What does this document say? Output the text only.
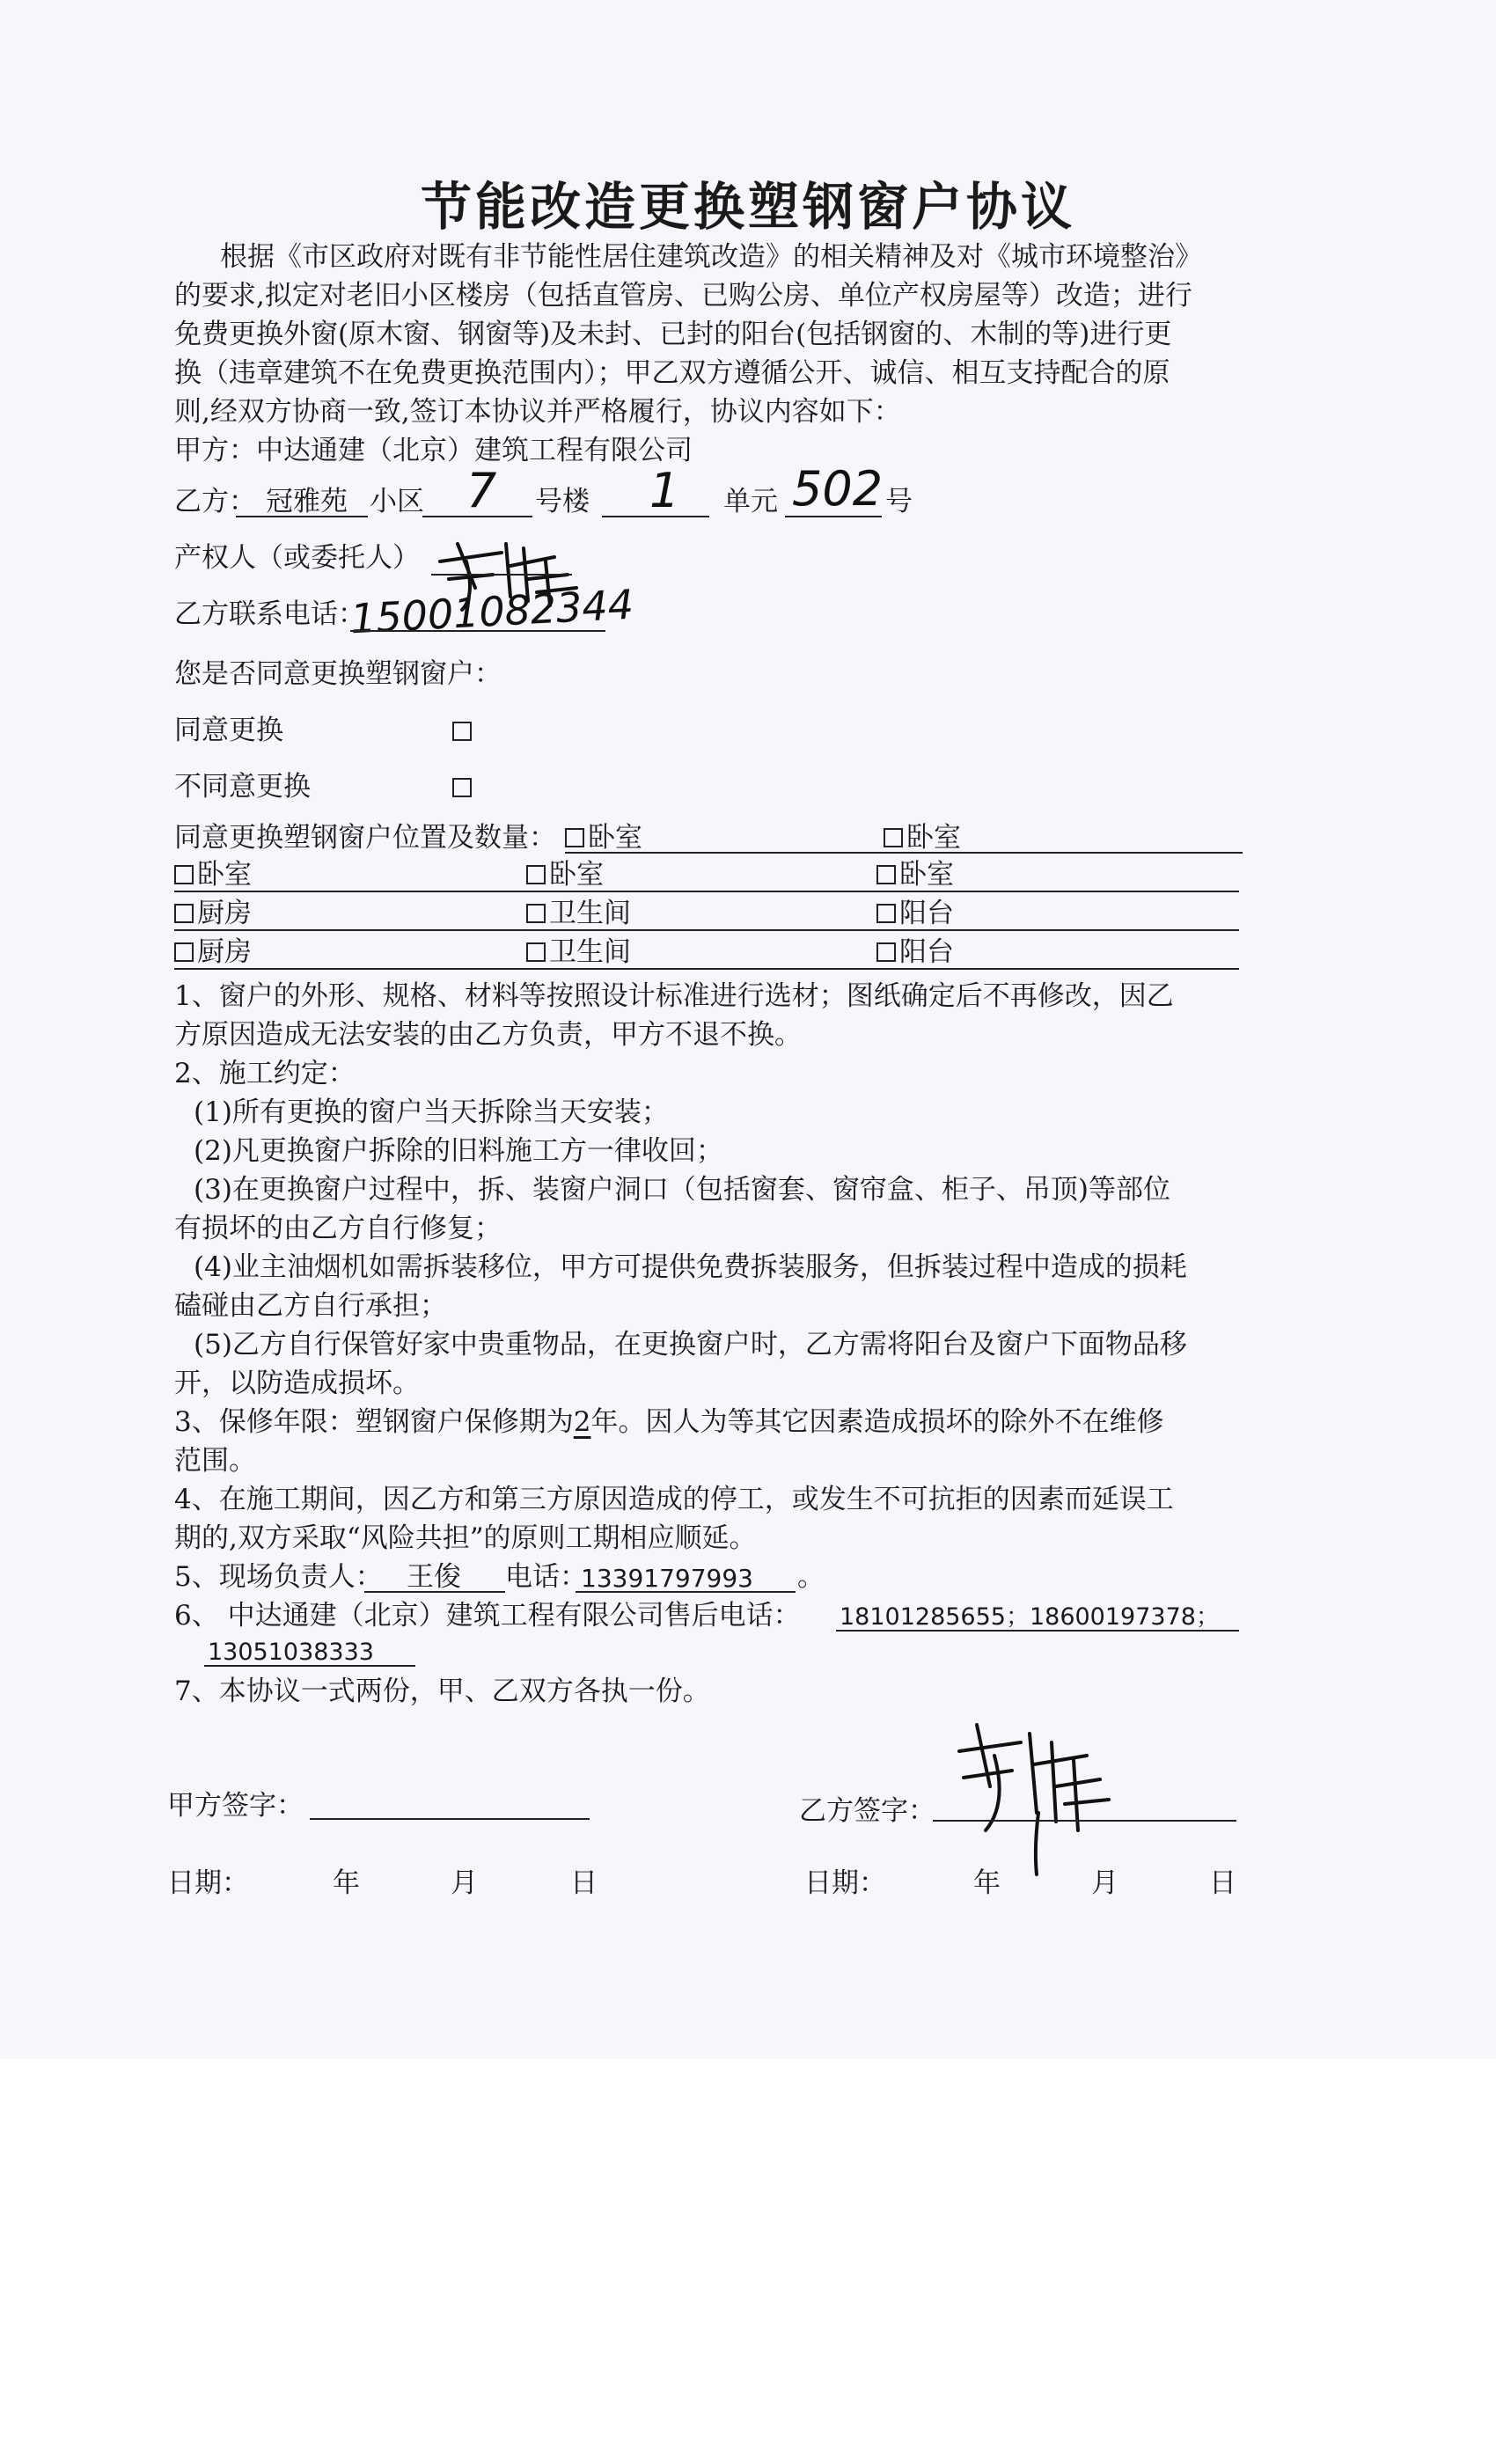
节能改造更换塑钢窗户协议
根据《市区政府对既有非节能性居住建筑改造》的相关精神及对《城市环境整治》
的要求,拟定对老旧小区楼房（包括直管房、已购公房、单位产权房屋等）改造；进行
免费更换外窗(原木窗、钢窗等)及未封、已封的阳台(包括钢窗的、木制的等)进行更
换（违章建筑不在免费更换范围内）；甲乙双方遵循公开、诚信、相互支持配合的原
则,经双方协商一致,签订本协议并严格履行，协议内容如下：
甲方：中达通建（北京）建筑工程有限公司
乙方： 冠雅苑 小区 7 号楼 1 单元 502 号
产权人（或委托人）
乙方联系电话：
15001082344
您是否同意更换塑钢窗户：
同意更换
不同意更换
同意更换塑钢窗户位置及数量：	卧室	卧室
卧室	卧室	卧室
厨房	卫生间	阳台
厨房	卫生间	阳台
1、窗户的外形、规格、材料等按照设计标准进行选材；图纸确定后不再修改，因乙
方原因造成无法安装的由乙方负责，甲方不退不换。
2、施工约定：
(1)所有更换的窗户当天拆除当天安装；
(2)凡更换窗户拆除的旧料施工方一律收回；
(3)在更换窗户过程中，拆、装窗户洞口（包括窗套、窗帘盒、柜子、吊顶)等部位
有损坏的由乙方自行修复；
(4)业主油烟机如需拆装移位，甲方可提供免费拆装服务，但拆装过程中造成的损耗
磕碰由乙方自行承担；
(5)乙方自行保管好家中贵重物品，在更换窗户时，乙方需将阳台及窗户下面物品移
开，以防造成损坏。
3、保修年限：塑钢窗户保修期为2年。因人为等其它因素造成损坏的除外不在维修
范围。
4、在施工期间，因乙方和第三方原因造成的停工，或发生不可抗拒的因素而延误工
期的,双方采取“风险共担”的原则工期相应顺延。
5、现场负责人： 王俊 电话：
13391797993 。
6、 中达通建（北京）建筑工程有限公司售后电话： 18101285655；18600197378；
13051038333
7、本协议一式两份，甲、乙双方各执一份。
甲方签字：	乙方签字：
日期：	年	月	日	日期：	年	月	日
